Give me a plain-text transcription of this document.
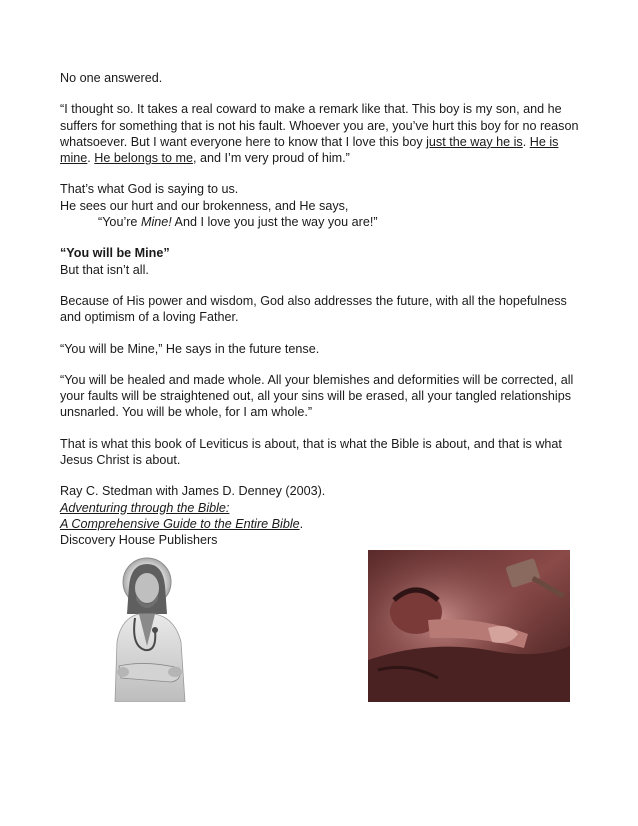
No one answered.

“I thought so. It takes a real coward to make a remark like that. This boy is my son, and he suffers for something that is not his fault. Whoever you are, you’ve hurt this boy for no reason whatsoever. But I want everyone here to know that I love this boy just the way he is. He is mine. He belongs to me, and I’m very proud of him.”

That’s what God is saying to us.
He sees our hurt and our brokenness, and He says,
“You’re Mine! And I love you just the way you are!”

“You will be Mine”

But that isn’t all.

Because of His power and wisdom, God also addresses the future, with all the hopefulness and optimism of a loving Father.

“You will be Mine,” He says in the future tense.

“You will be healed and made whole. All your blemishes and deformities will be corrected, all your faults will be straightened out, all your sins will be erased, all your tangled relationships unsnarled. You will be whole, for I am whole.”

That is what this book of Leviticus is about, that is what the Bible is about, and that is what Jesus Christ is about.

Ray C. Stedman with James D. Denney (2003).
Adventuring through the Bible:
A Comprehensive Guide to the Entire Bible.
Discovery House Publishers
